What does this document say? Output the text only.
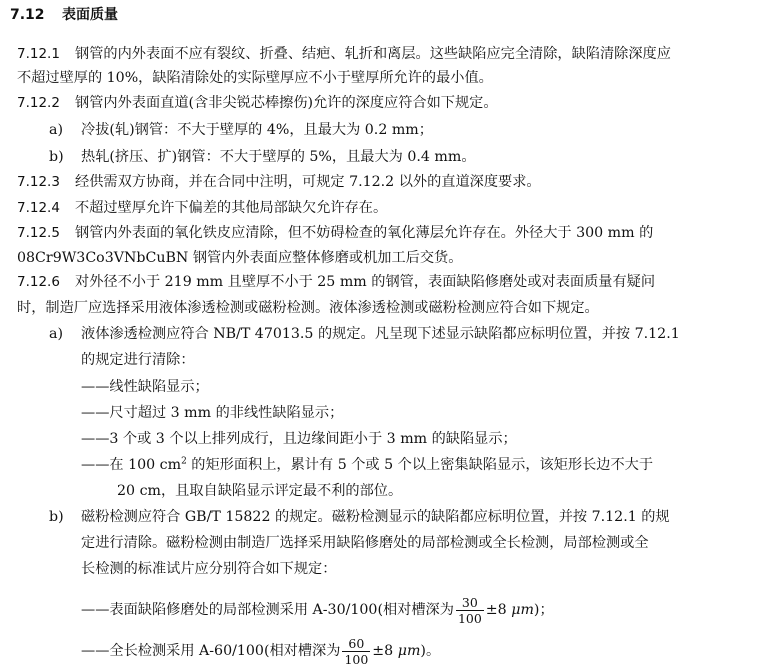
7.12 表面质量
7.12.1 钢管的内外表面不应有裂纹、折叠、结疤、轧折和离层。这些缺陷应完全清除，缺陷清除深度应
不超过壁厚的 10%，缺陷清除处的实际壁厚应不小于壁厚所允许的最小值。
7.12.2 钢管内外表面直道(含非尖锐芯棒擦伤)允许的深度应符合如下规定。
a) 冷拔(轧)钢管：不大于壁厚的 4%，且最大为 0.2 mm；
b) 热轧(挤压、扩)钢管：不大于壁厚的 5%，且最大为 0.4 mm。
7.12.3 经供需双方协商，并在合同中注明，可规定 7.12.2 以外的直道深度要求。
7.12.4 不超过壁厚允许下偏差的其他局部缺欠允许存在。
7.12.5 钢管内外表面的氧化铁皮应清除，但不妨碍检查的氧化薄层允许存在。外径大于 300 mm 的
08Cr9W3Co3VNbCuBN 钢管内外表面应整体修磨或机加工后交货。
7.12.6 对外径不小于 219 mm 且壁厚不小于 25 mm 的钢管，表面缺陷修磨处或对表面质量有疑问
时，制造厂应选择采用液体渗透检测或磁粉检测。液体渗透检测或磁粉检测应符合如下规定。
a) 液体渗透检测应符合 NB/T 47013.5 的规定。凡呈现下述显示缺陷都应标明位置，并按 7.12.1
的规定进行清除：
——线性缺陷显示；
——尺寸超过 3 mm 的非线性缺陷显示；
——3 个或 3 个以上排列成行，且边缘间距小于 3 mm 的缺陷显示；
——在 100 $cm^2$ 的矩形面积上，累计有 5 个或 5 个以上密集缺陷显示，该矩形长边不大于
20 cm，且取自缺陷显示评定最不利的部位。
b) 磁粉检测应符合 GB/T 15822 的规定。磁粉检测显示的缺陷都应标明位置，并按 7.12.1 的规
定进行清除。磁粉检测由制造厂选择采用缺陷修磨处的局部检测或全长检测，局部检测或全
长检测的标准试片应分别符合如下规定：
——表面缺陷修磨处的局部检测采用 A-30/100(相对槽深为 $\frac{30}{100} \pm 8$ μm)；
——全长检测采用 A-60/100(相对槽深为 $\frac{60}{100} \pm 8$ μm)。
